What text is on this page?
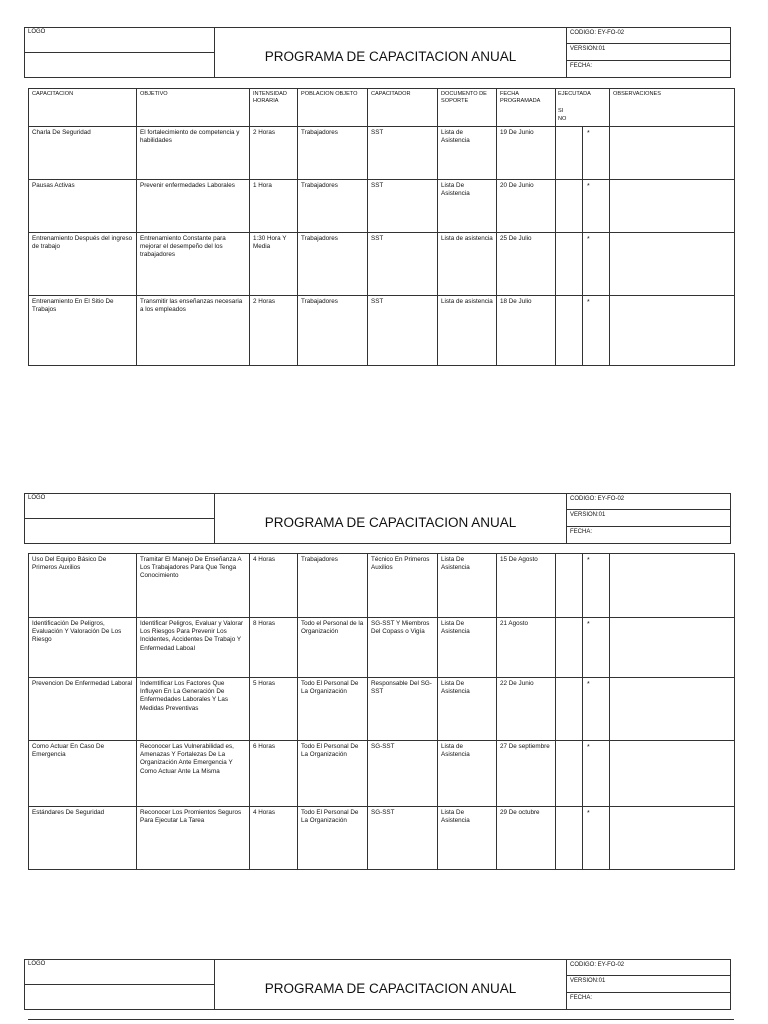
LOGO
PROGRAMA DE CAPACITACION ANUAL
CODIGO: EY-FO-02
VERSION:01
FECHA:
CAPACITACION	OBJETIVO	INTENSIDAD HORARIA	POBLACION OBJETO	CAPACITADOR	DOCUMENTO DE SOPORTE	FECHA PROGRAMADA	EJECUTADA
SI
NO		OBSERVACIONES
Charla De Seguridad	El fortalecimiento de competencia y habilidades	2 Horas	Trabajadores	SST	Lista de Asistencia	19 De Junio		*	
Pausas Activas	Prevenir enfermedades Laborales	1 Hora	Trabajadores	SST	Lista De Asistencia	20 De Junio		*	
Entrenamiento Después del ingreso de trabajo	Entrenamiento Constante para mejorar el desempeño del los trabajadores	1:30 Hora Y Media	Trabajadores	SST	Lista de asistencia	25 De Julio		*	
Entrenamiento En El Sitio De Trabajos	Transmitir las enseñanzas necesaria a los empleados	2 Horas	Trabajadores	SST	Lista de asistencia	18 De Julio		*	
LOGO
PROGRAMA DE CAPACITACION ANUAL
CODIGO: EY-FO-02
VERSION:01
FECHA:
Uso Del Equipo Básico De Primeros Auxilios	Tramitar El Manejo De Enseñanza A Los Trabajadores Para Que Tenga Conocimiento	4 Horas	Trabajadores	Técnico En Primeros Auxilios	Lista De Asistencia	15 De Agosto		*	
Identificación De Peligros, Evaluación Y Valoración De Los Riesgo	Identificar Peligros, Evaluar y Valorar Los Riesgos Para Prevenir Los Incidentes, Accidentes De Trabajo Y Enfermedad Laboal	8 Horas	Todo el Personal de la Organización	SG-SST Y Miembros Del Copass o Vigía	Lista De Asistencia	21 Agosto		*	
Prevencion De Enfermedad Laboral	Indemtificar Los Factores Que Influyen En La Generación De Enfermedades Laborales Y Las Medidas Preventivas	5 Horas	Todo El Personal De La Organización	Responsable Del SG-SST	Lista De Asistencia	22 De Junio		*	
Como Actuar En Caso De Emergencia	Reconocer Las Vulnerabilidad es, Amenazas Y Fortalezas De La Organización Ante Emergencia Y Como Actuar Ante La Misma	6 Horas	Todo El Personal De La Organización	SG-SST	Lista de Asistencia	27 De septiembre		*	
Estándares De Seguridad	Reconocer Los Promientos Seguros Para Ejecutar La Tarea	4 Horas	Todo El Personal De La Organización	SG-SST	Lista De Asistencia	29 De octubre		*	
LOGO
PROGRAMA DE CAPACITACION ANUAL
CODIGO: EY-FO-02
VERSION:01
FECHA:
